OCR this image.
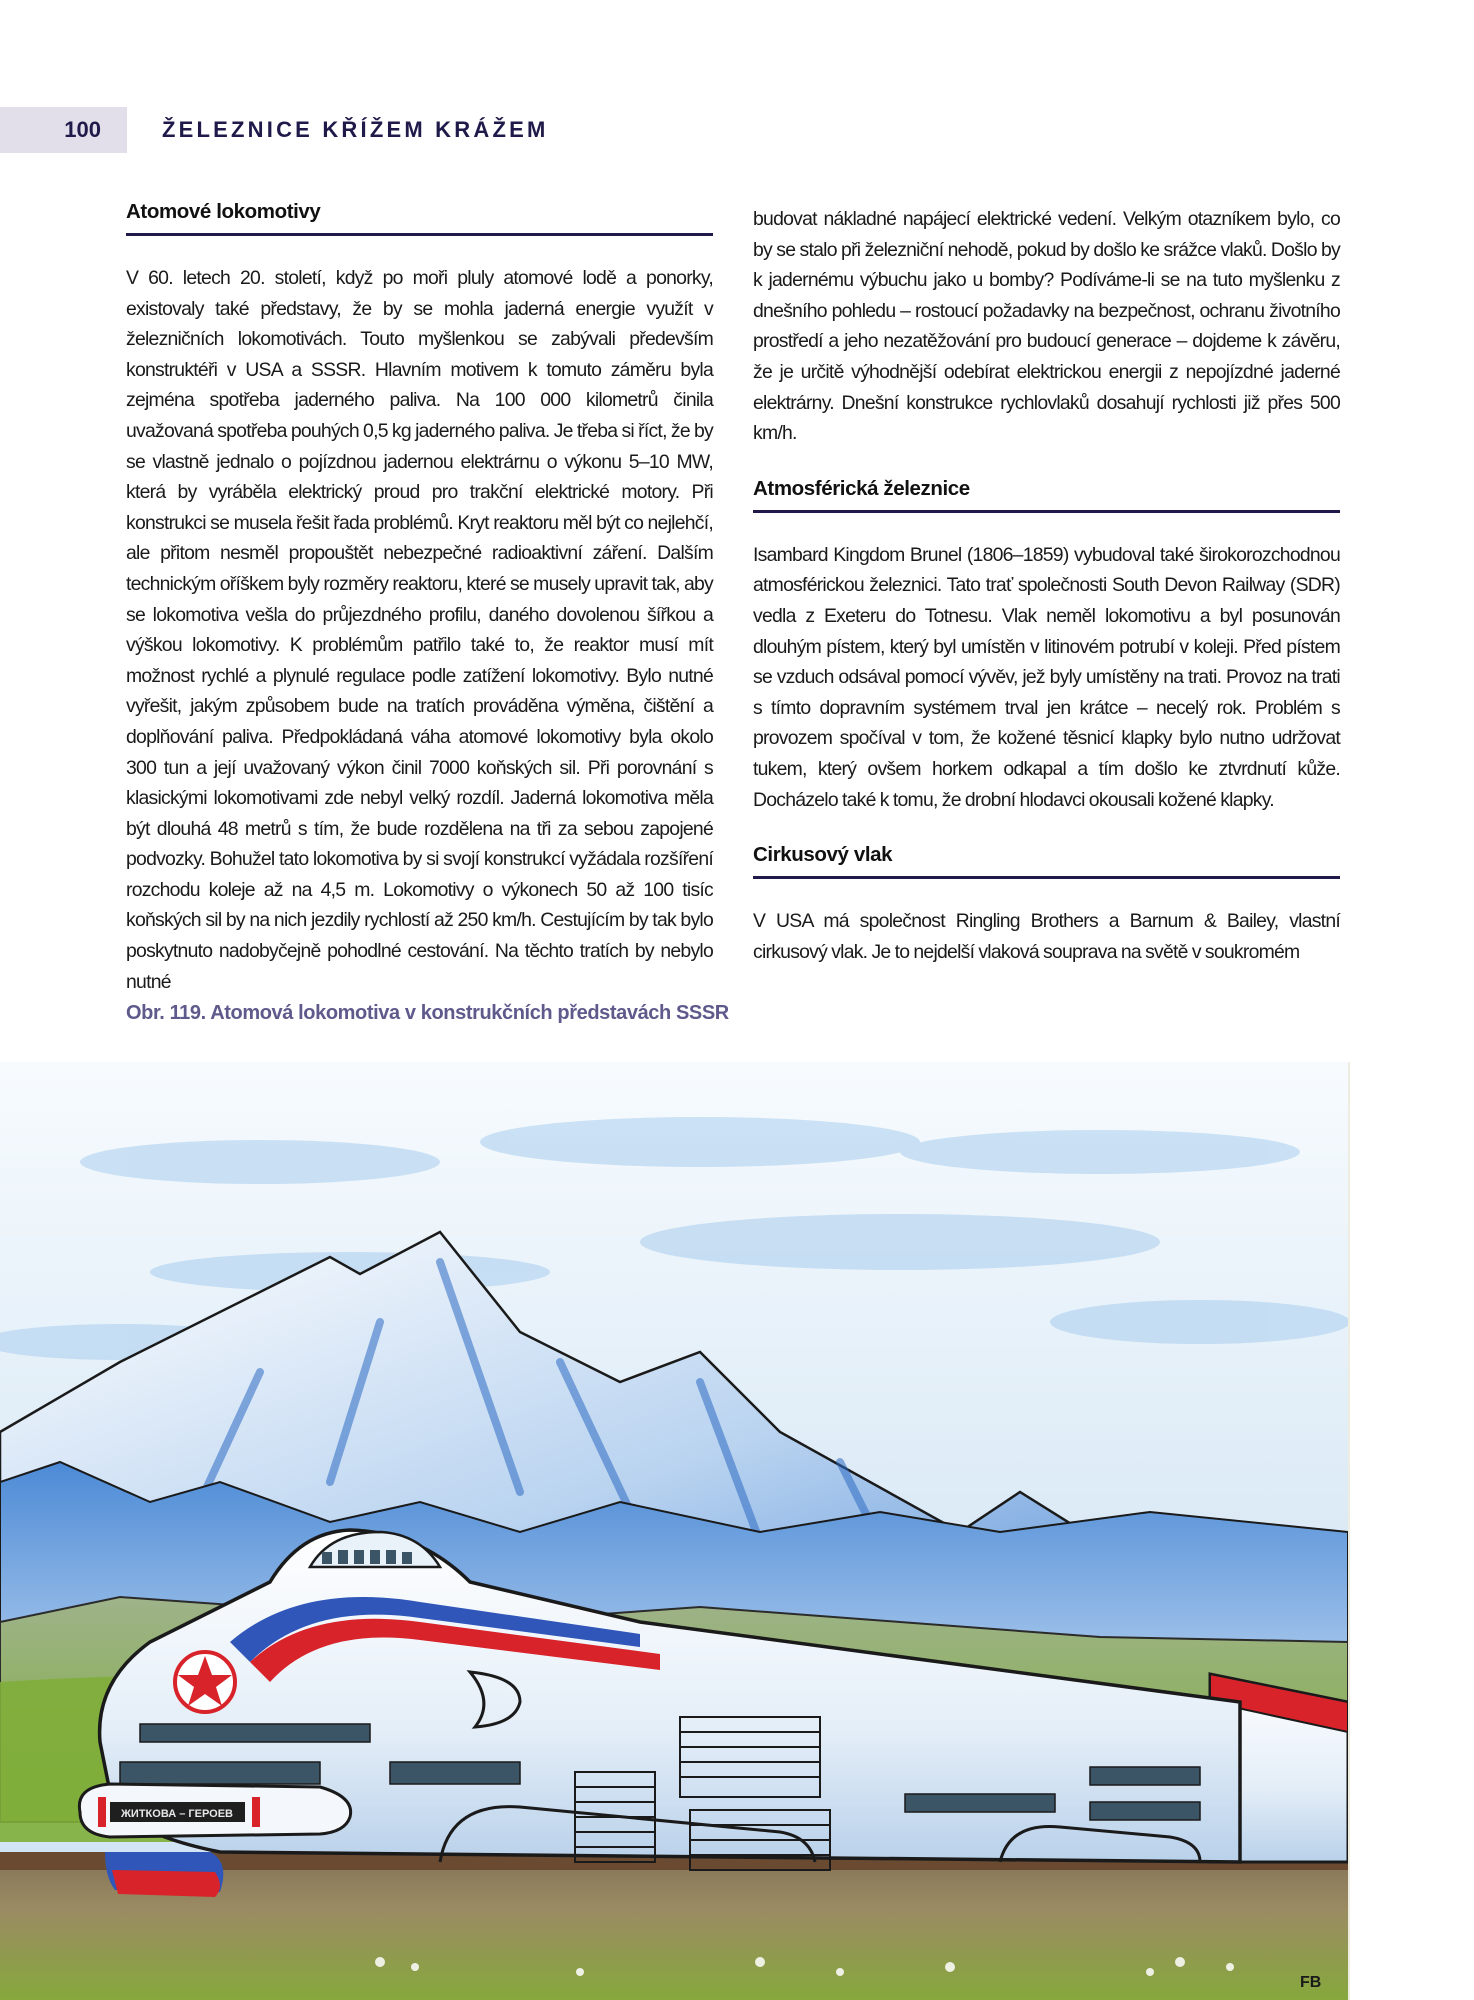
100	ŽELEZNICE KŘÍŽEM KRÁŽEM
Atomové lokomotivy

V 60. letech 20. století, když po moři pluly atomové lodě a ponorky, existovaly také představy, že by se mohla jaderná energie využít v železničních lokomotivách. Touto myšlenkou se zabývali především konstruktéři v USA a SSSR. Hlavním motivem k tomuto záměru byla zejména spotřeba jaderného paliva. Na 100 000 kilometrů činila uvažovaná spotřeba pouhých 0,5 kg jaderného paliva. Je třeba si říct, že by se vlastně jednalo o pojízdnou jadernou elektrárnu o výkonu 5–10 MW, která by vyráběla elektrický proud pro trakční elektrické motory. Při konstrukci se musela řešit řada problémů. Kryt reaktoru měl být co nejlehčí, ale přitom nesměl propouštět nebezpečné radioaktivní záření. Dalším technickým oříškem byly rozměry reaktoru, které se musely upravit tak, aby se lokomotiva vešla do průjezdného profilu, daného dovolenou šířkou a výškou lokomotivy. K problémům patřilo také to, že reaktor musí mít možnost rychlé a plynulé regulace podle zatížení lokomotivy. Bylo nutné vyřešit, jakým způsobem bude na tratích prováděna výměna, čištění a doplňování paliva. Předpokládaná váha atomové lokomotivy byla okolo 300 tun a její uvažovaný výkon činil 7000 koňských sil. Při porovnání s klasickými lokomotivami zde nebyl velký rozdíl. Jaderná lokomotiva měla být dlouhá 48 metrů s tím, že bude rozdělena na tři za sebou zapojené podvozky. Bohužel tato lokomotiva by si svojí konstrukcí vyžádala rozšíření rozchodu koleje až na 4,5 m. Lokomotivy o výkonech 50 až 100 tisíc koňských sil by na nich jezdily rychlostí až 250 km/h. Cestujícím by tak bylo poskytnuto nadobyčejně pohodlné cestování. Na těchto tratích by nebylo nutné

budovat nákladné napájecí elektrické vedení. Velkým otazníkem bylo, co by se stalo při železniční nehodě, pokud by došlo ke srážce vlaků. Došlo by k jadernému výbuchu jako u bomby? Podíváme-li se na tuto myšlenku z dnešního pohledu – rostoucí požadavky na bezpečnost, ochranu životního prostředí a jeho nezatěžování pro budoucí generace – dojdeme k závěru, že je určitě výhodnější odebírat elektrickou energii z nepojízdné jaderné elektrárny. Dnešní konstrukce rychlovlaků dosahují rychlosti již přes 500 km/h.

Atmosférická železnice

Isambard Kingdom Brunel (1806–1859) vybudoval také širokorozchodnou atmosférickou železnici. Tato trať společnosti South Devon Railway (SDR) vedla z Exeteru do Totnesu. Vlak neměl lokomotivu a byl posunován dlouhým pístem, který byl umístěn v litinovém potrubí v koleji. Před pístem se vzduch odsával pomocí vývěv, jež byly umístěny na trati. Provoz na trati s tímto dopravním systémem trval jen krátce – necelý rok. Problém s provozem spočíval v tom, že kožené těsnicí klapky bylo nutno udržovat tukem, který ovšem horkem odkapal a tím došlo ke ztvrdnutí kůže. Docházelo také k tomu, že drobní hlodavci okousali kožené klapky.

Cirkusový vlak

V USA má společnost Ringling Brothers a Barnum & Bailey, vlastní cirkusový vlak. Je to nejdelší vlaková souprava na světě v soukromém

Obr. 119. Atomová lokomotiva v konstrukčních představách SSSR
ЖИТКОВА – ГЕРОЕВ
FB
